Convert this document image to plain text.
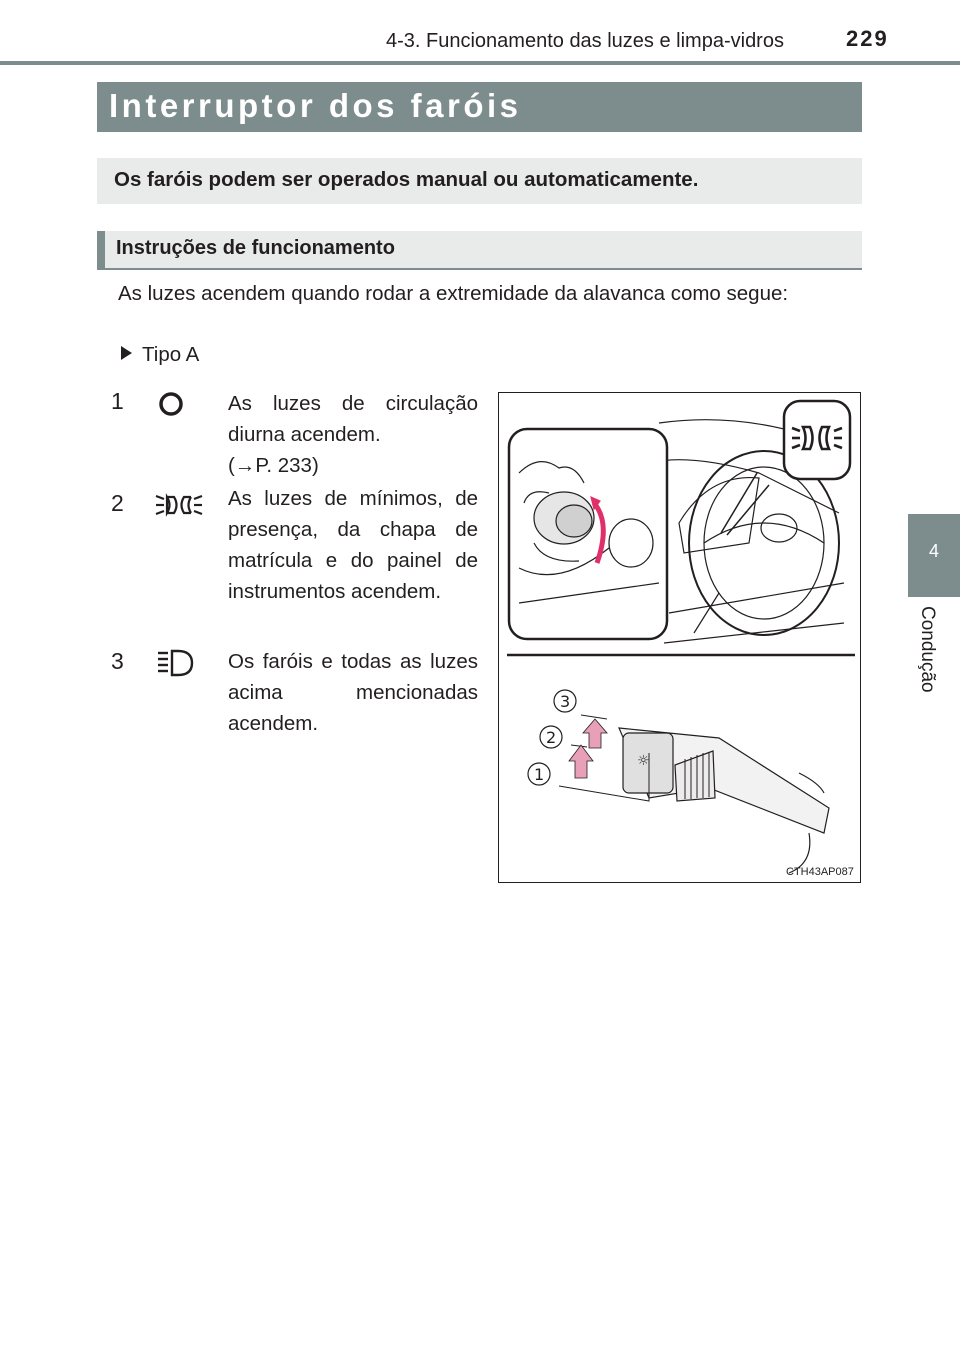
4-3. Funcionamento das luzes e limpa-vidros	229
4
Condução
Interruptor dos faróis
Os faróis podem ser operados manual ou automaticamente.
Instruções de funcionamento
As luzes acendem quando rodar a extremidade da alavanca como segue:
Tipo A
1	As luzes de circulação diurna acendem.
(→P. 233)
2	As luzes de mínimos, de presença, da chapa de matrícula e do painel de instrumentos acendem.
3	Os faróis e todas as luzes acima mencionadas acendem.
☼
3
2
1
CTH43AP087
